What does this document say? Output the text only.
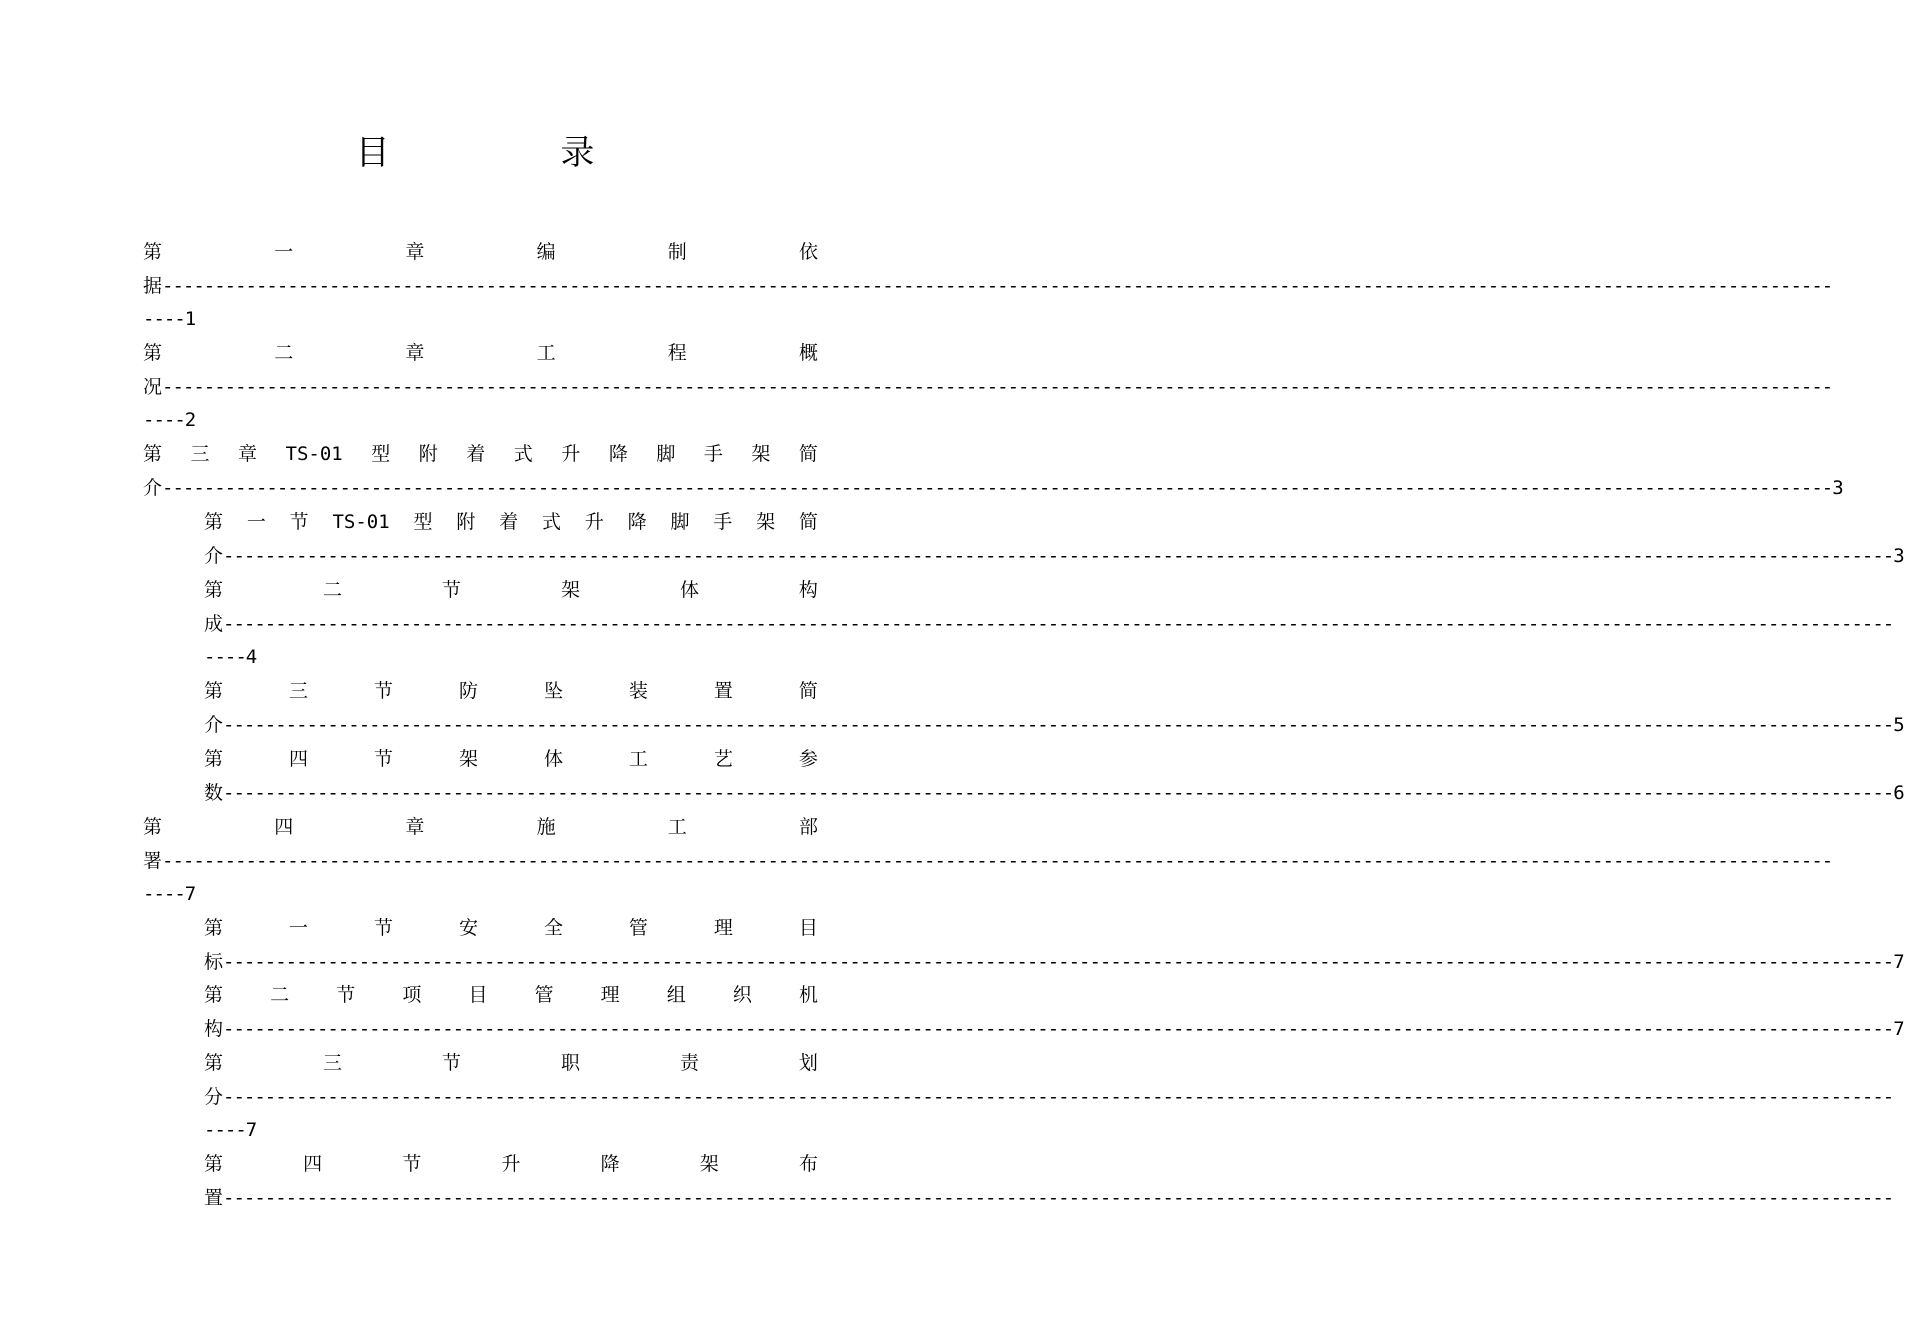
目 录
第	一	章	编	制	依
据 ----------------------------------------------------------------------------------------------------------------------------------------------------------------
----1
第	二	章	工	程	概
况 ----------------------------------------------------------------------------------------------------------------------------------------------------------------
----2
第 三 章 TS-01 型 附 着 式 升 降 脚 手 架 简
介 ---------------------------------------------------------------------------------------------------------------------------------------------------------------- 3
第 一 节 TS-01 型 附 着 式 升 降 脚 手 架 简
介 ---------------------------------------------------------------------------------------------------------------------------------------------------------------- 3
第	二	节	架	体	构
成 ----------------------------------------------------------------------------------------------------------------------------------------------------------------
----4
第	三	节	防	坠	装	置	简
介 ---------------------------------------------------------------------------------------------------------------------------------------------------------------- 5
第	四	节	架	体	工	艺	参
数 ---------------------------------------------------------------------------------------------------------------------------------------------------------------- 6
第	四	章	施	工	部
署 ----------------------------------------------------------------------------------------------------------------------------------------------------------------
----7
第	一	节	安	全	管	理	目
标 ---------------------------------------------------------------------------------------------------------------------------------------------------------------- 7
第 二 节 项 目 管 理 组 织 机
构 ---------------------------------------------------------------------------------------------------------------------------------------------------------------- 7
第	三	节	职	责	划
分 ----------------------------------------------------------------------------------------------------------------------------------------------------------------
----7
第	四	节	升	降	架	布
置 ----------------------------------------------------------------------------------------------------------------------------------------------------------------
